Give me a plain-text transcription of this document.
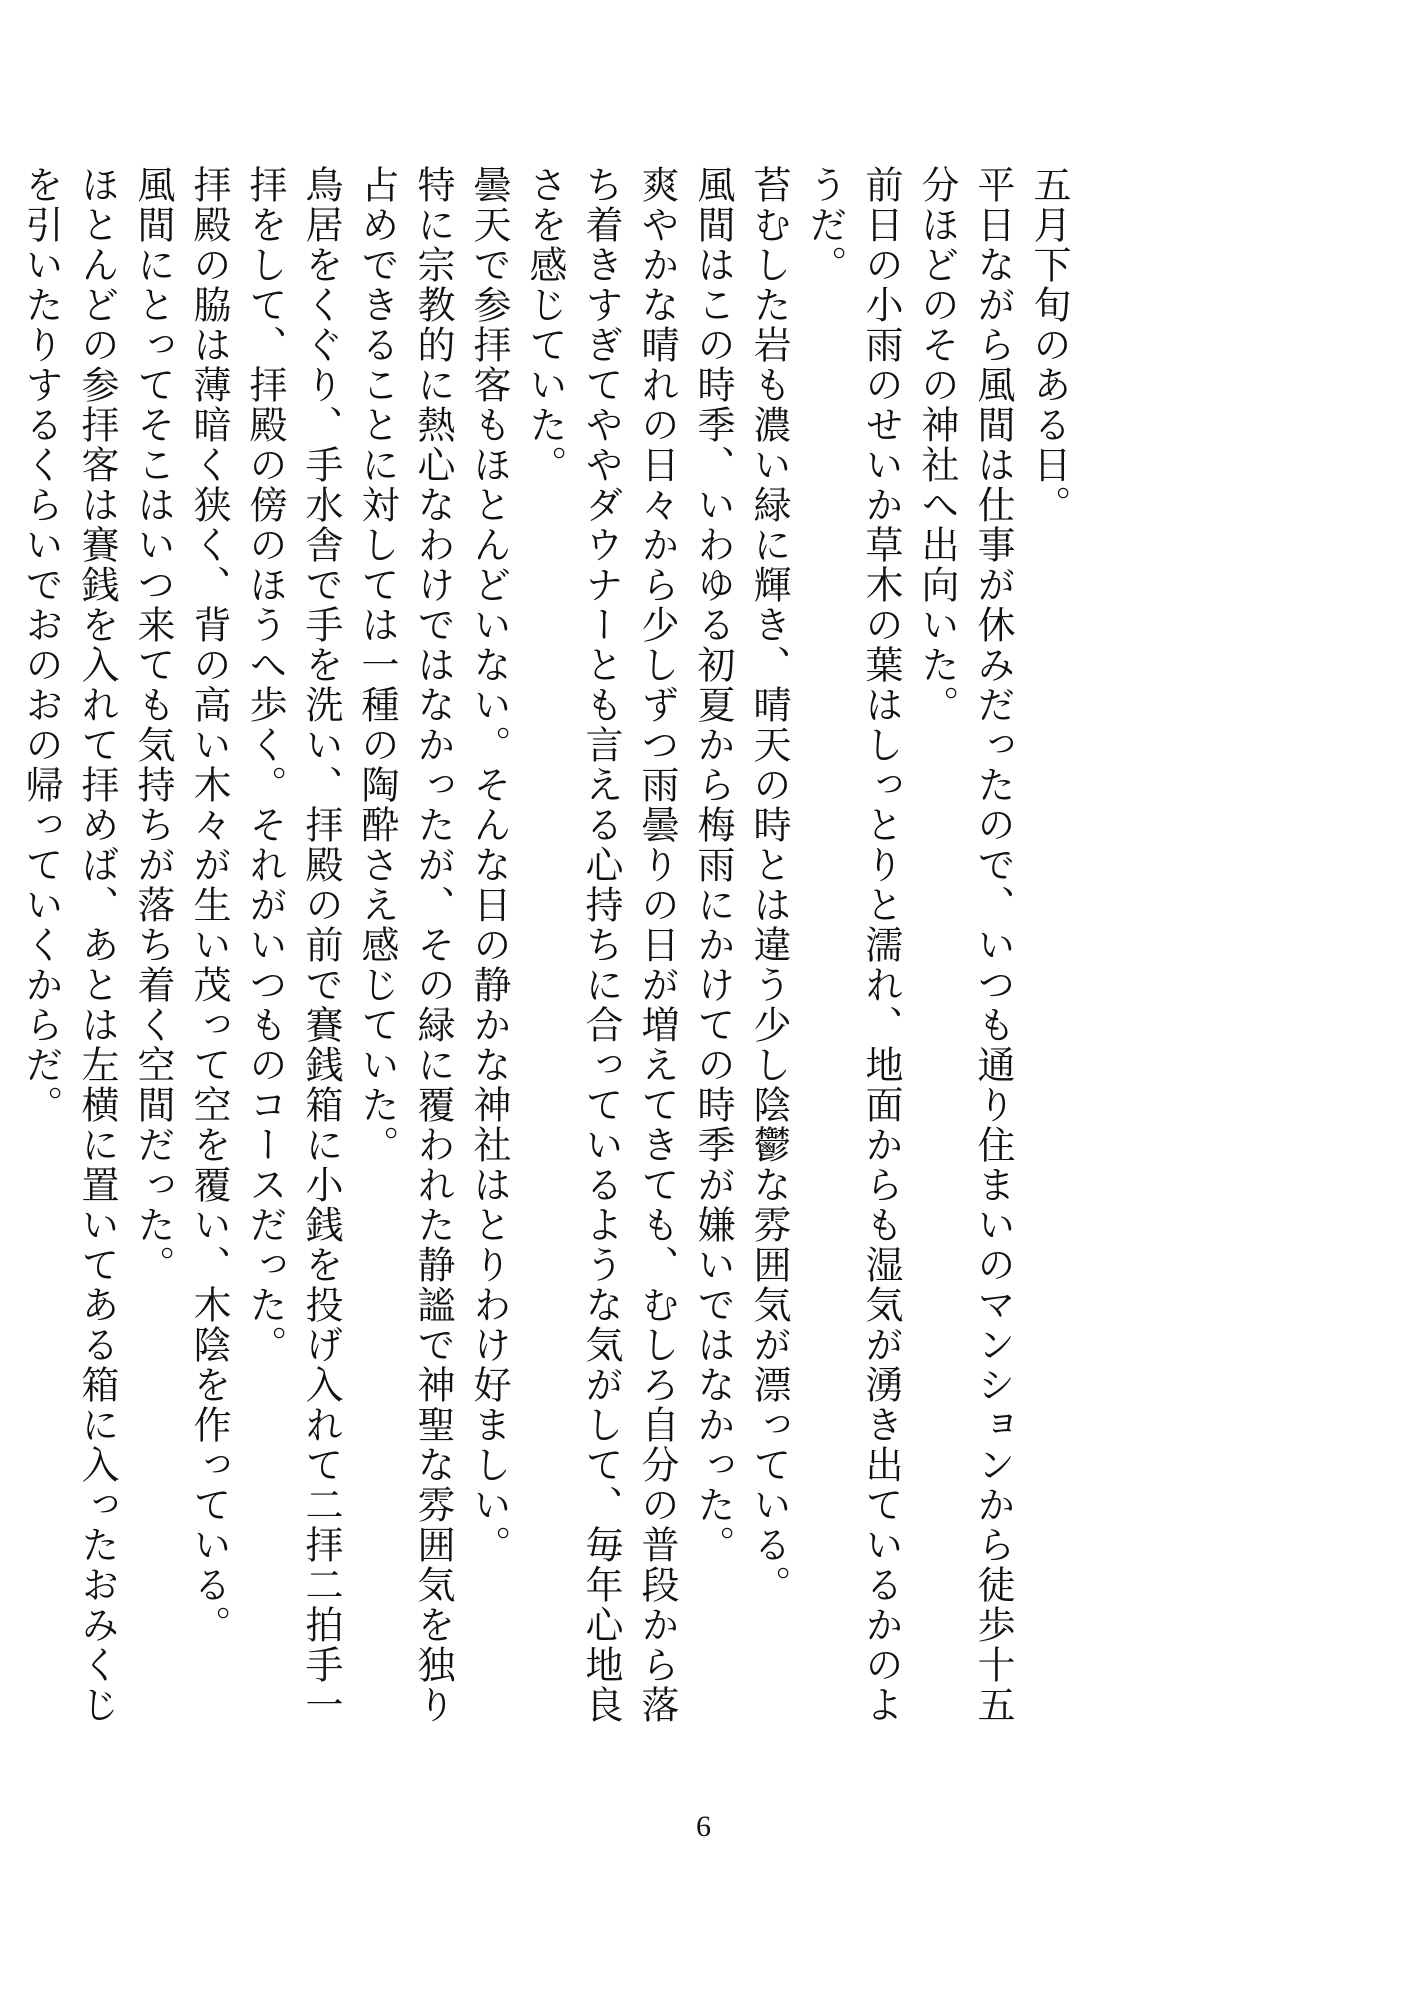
五月下旬のある日。

平日ながら風間は仕事が休みだったので、いつも通り住まいのマンションから徒歩十五分ほどのその神社へ出向いた。

前日の小雨のせいか草木の葉はしっとりと濡れ、地面からも湿気が湧き出ているかのようだ。

苔むした岩も濃い緑に輝き、晴天の時とは違う少し陰鬱な雰囲気が漂っている。

風間はこの時季、いわゆる初夏から梅雨にかけての時季が嫌いではなかった。

爽やかな晴れの日々から少しずつ雨曇りの日が増えてきても、むしろ自分の普段から落ち着きすぎてややダウナーとも言える心持ちに合っているような気がして、毎年心地良さを感じていた。

曇天で参拝客もほとんどいない。そんな日の静かな神社はとりわけ好ましい。

特に宗教的に熱心なわけではなかったが、その緑に覆われた静謐で神聖な雰囲気を独り占めできることに対しては一種の陶酔さえ感じていた。

鳥居をくぐり、手水舎で手を洗い、拝殿の前で賽銭箱に小銭を投げ入れて二拝二拍手一拝をして、拝殿の傍のほうへ歩く。それがいつものコースだった。

拝殿の脇は薄暗く狭く、背の高い木々が生い茂って空を覆い、木陰を作っている。

風間にとってそこはいつ来ても気持ちが落ち着く空間だった。

ほとんどの参拝客は賽銭を入れて拝めば、あとは左横に置いてある箱に入ったおみくじを引いたりするくらいでおのおの帰っていくからだ。

6
